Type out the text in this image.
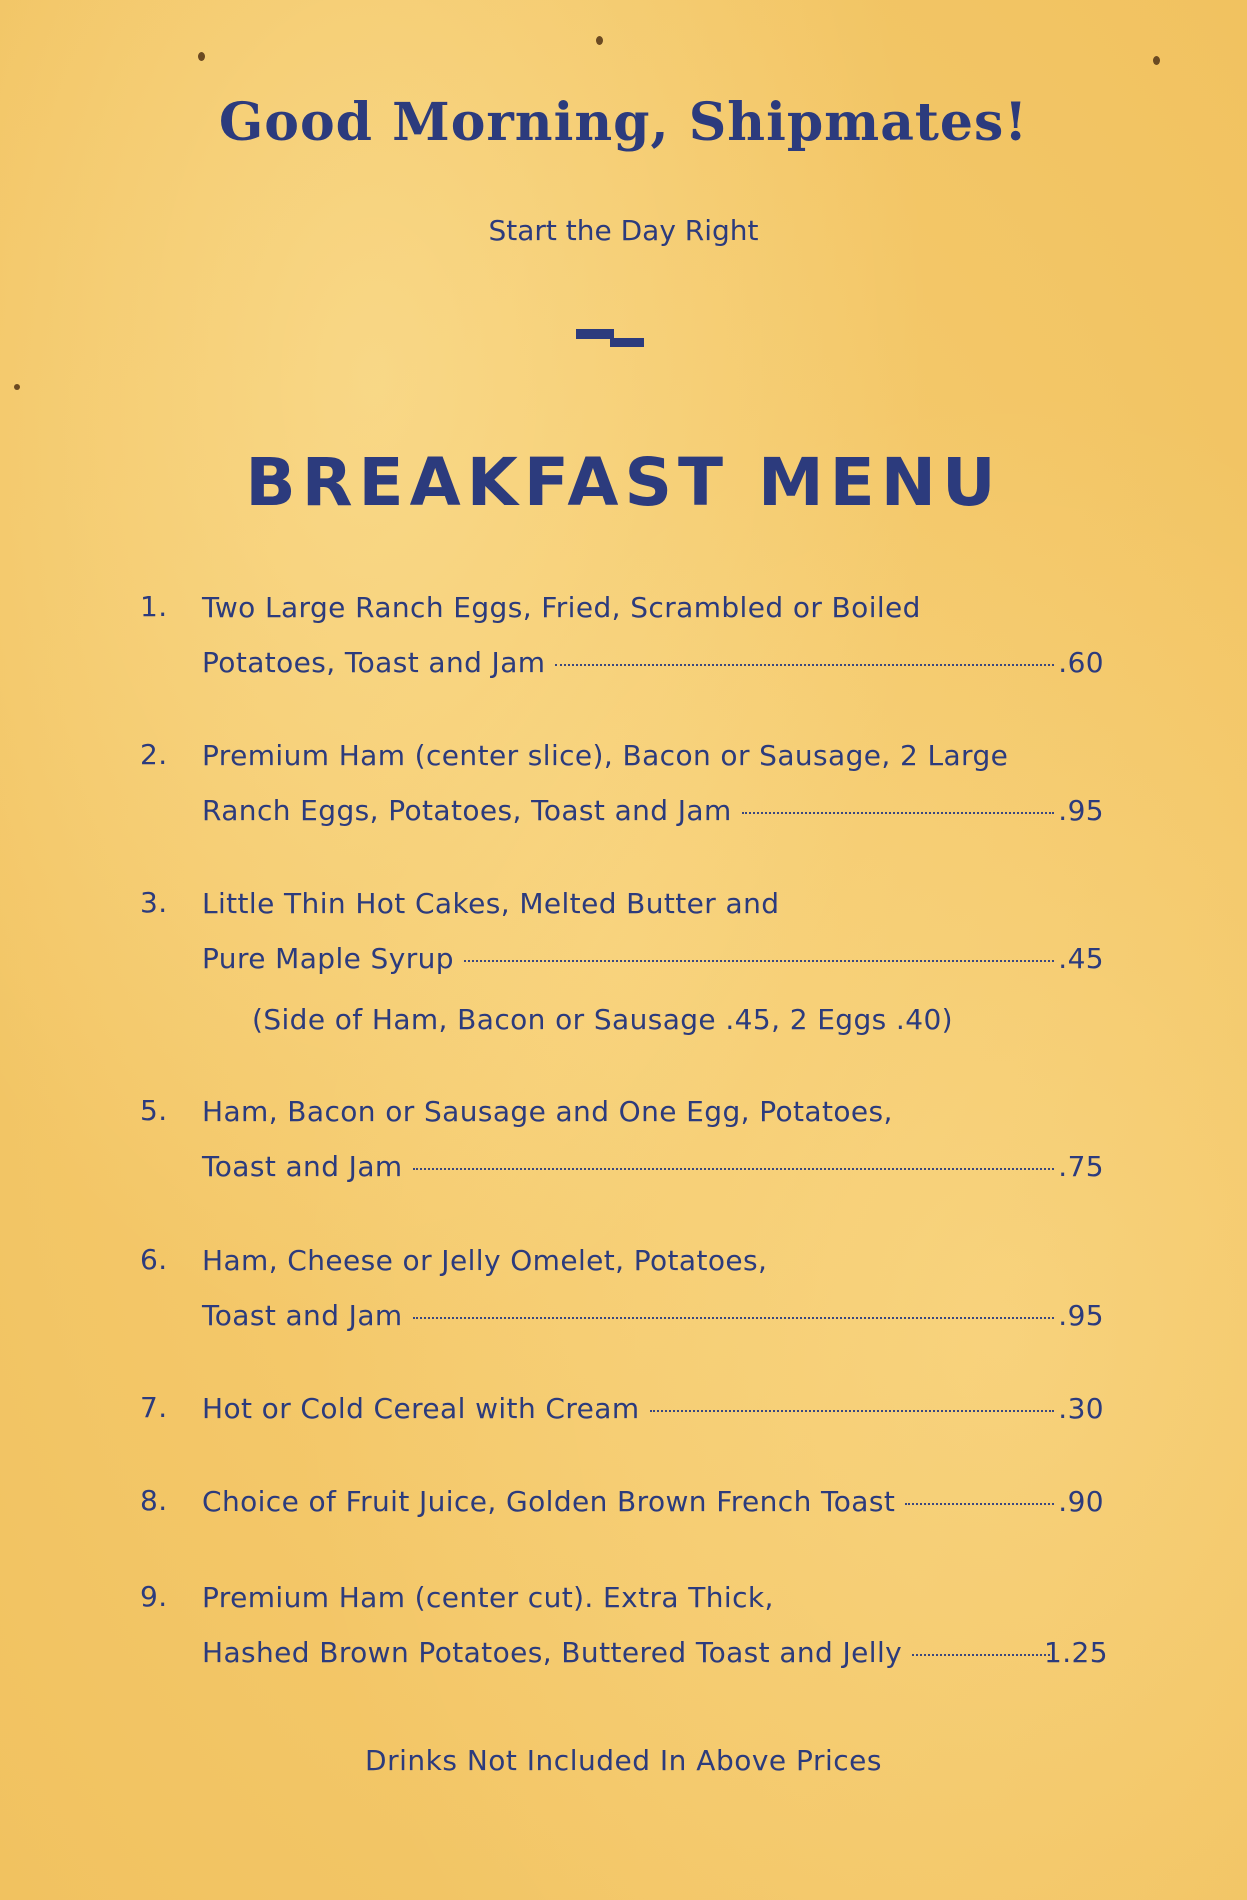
Good Morning, Shipmates!
Start the Day Right
BREAKFAST MENU
1. Two Large Ranch Eggs, Fried, Scrambled or Boiled
Potatoes, Toast and Jam	.60
2. Premium Ham (center slice), Bacon or Sausage, 2 Large
Ranch Eggs, Potatoes, Toast and Jam	.95
3. Little Thin Hot Cakes, Melted Butter and
Pure Maple Syrup	.45
(Side of Ham, Bacon or Sausage .45, 2 Eggs .40)
5. Ham, Bacon or Sausage and One Egg, Potatoes,
Toast and Jam	.75
6. Ham, Cheese or Jelly Omelet, Potatoes,
Toast and Jam	.95
7. Hot or Cold Cereal with Cream	.30
8. Choice of Fruit Juice, Golden Brown French Toast	.90
9. Premium Ham (center cut). Extra Thick,
Hashed Brown Potatoes, Buttered Toast and Jelly	1.25
Drinks Not Included In Above Prices
